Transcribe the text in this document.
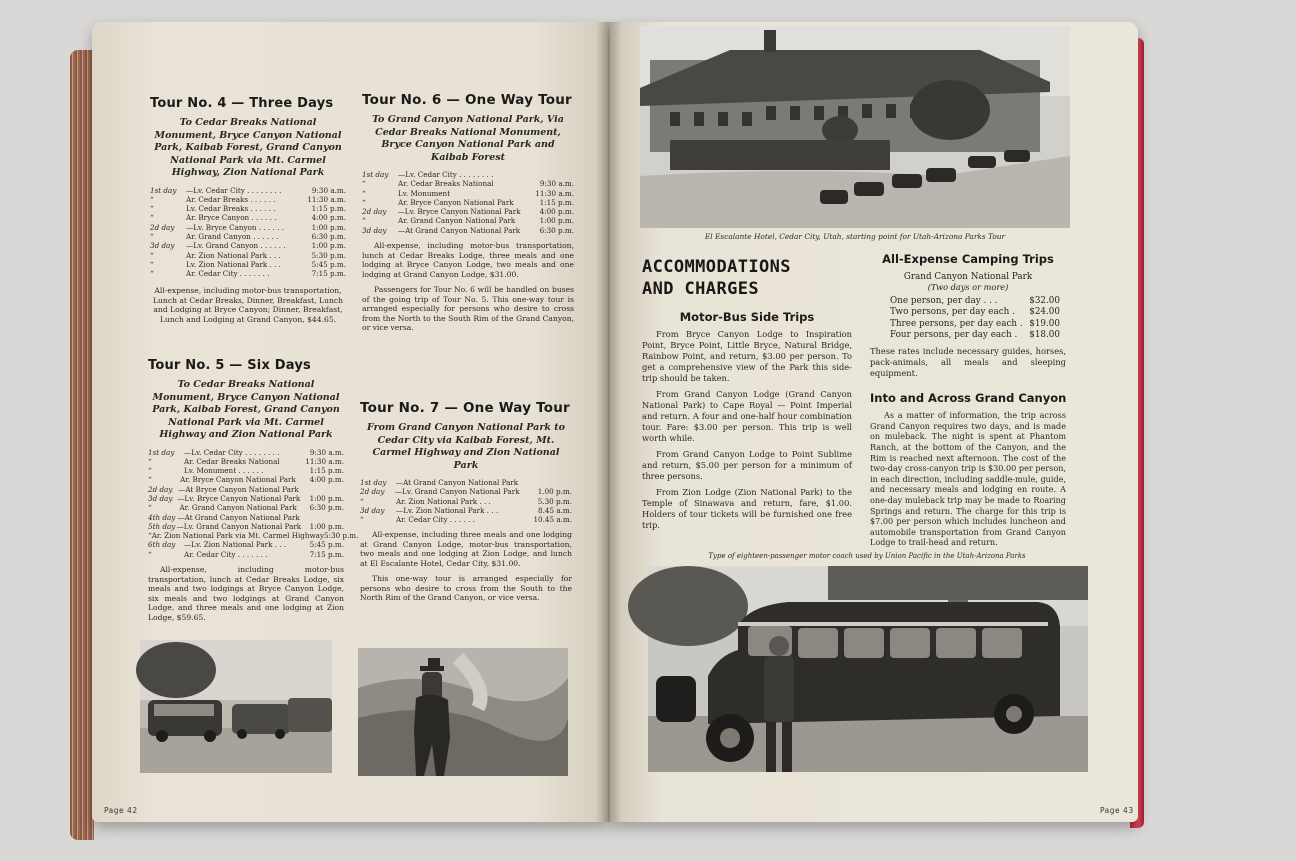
Tour No. 4 — Three Days
To Cedar Breaks National Monument, Bryce Canyon National Park, Kaibab Forest, Grand Canyon National Park via Mt. Carmel Highway, Zion National Park
1st day	—Lv. Cedar City . . . . . . . .	9:30 a.m.
“	Ar. Cedar Breaks . . . . . .	11:30 a.m.
“	Lv. Cedar Breaks . . . . . .	1:15 p.m.
“	Ar. Bryce Canyon . . . . . .	4:00 p.m.
2d day	—Lv. Bryce Canyon . . . . . .	1:00 p.m.
“	Ar. Grand Canyon . . . . . .	6:30 p.m.
3d day	—Lv. Grand Canyon . . . . . .	1:00 p.m.
“	Ar. Zion National Park . . .	5:30 p.m.
“	Lv. Zion National Park . . .	5:45 p.m.
“	Ar. Cedar City . . . . . . .	7:15 p.m.
All-expense, including motor-bus transportation, Lunch at Cedar Breaks, Dinner, Breakfast, Lunch and Lodging at Bryce Canyon; Dinner, Breakfast, Lunch and Lodging at Grand Canyon, $44.65.
Tour No. 6 — One Way Tour
To Grand Canyon National Park, Via Cedar Breaks National Monument, Bryce Canyon National Park and Kaibab Forest
1st day	—Lv. Cedar City . . . . . . . .
“	Ar. Cedar Breaks National	9:30 a.m.
“	Lv. Monument	11:30 a.m.
“	Ar. Bryce Canyon National Park	1:15 p.m.
2d day	—Lv. Bryce Canyon National Park	4:00 p.m.
“	Ar. Grand Canyon National Park	1:00 p.m.
3d day	—At Grand Canyon National Park	6:30 p.m.
All-expense, including motor-bus transportation, lunch at Cedar Breaks Lodge, three meals and one lodging at Bryce Canyon Lodge, two meals and one lodging at Grand Canyon Lodge, $31.00.
Passengers for Tour No. 6 will be handled on buses of the going trip of Tour No. 5. This one-way tour is arranged especially for persons who desire to cross from the North to the South Rim of the Grand Canyon, or vice versa.
Tour No. 5 — Six Days
To Cedar Breaks National Monument, Bryce Canyon National Park, Kaibab Forest, Grand Canyon National Park via Mt. Carmel Highway and Zion National Park
1st day	—Lv. Cedar City . . . . . . . .	9:30 a.m.
“	Ar. Cedar Breaks National	11:30 a.m.
“	Lv. Monument . . . . . .	1:15 p.m.
“	Ar. Bryce Canyon National Park	4:00 p.m.
2d day —At Bryce Canyon National Park
3d day —Lv. Bryce Canyon National Park	1:00 p.m.
“	Ar. Grand Canyon National Park	6:30 p.m.
4th day —At Grand Canyon National Park
5th day —Lv. Grand Canyon National Park	1:00 p.m.
“ Ar. Zion National Park via Mt. Carmel Highway 5:30 p.m.
6th day	—Lv. Zion National Park . . .	5:45 p.m.
“	Ar. Cedar City . . . . . . .	7:15 p.m.
All-expense, including motor-bus transportation, lunch at Cedar Breaks Lodge, six meals and two lodgings at Bryce Canyon Lodge, six meals and two lodgings at Grand Canyon Lodge, and three meals and one lodging at Zion Lodge, $59.65.
Tour No. 7 — One Way Tour
From Grand Canyon National Park to Cedar City via Kaibab Forest, Mt. Carmel Highway and Zion National Park
1st day	—At Grand Canyon National Park
2d day	—Lv. Grand Canyon National Park	1.00 p.m.
“	Ar. Zion National Park . . .	5.30 p.m.
3d day	—Lv. Zion National Park . . .	8.45 a.m.
“	Ar. Cedar City . . . . . .	10.45 a.m.
All-expense, including three meals and one lodging at Grand Canyon Lodge, motor-bus transportation, two meals and one lodging at Zion Lodge, and lunch at El Escalante Hotel, Cedar City, $31.00.
This one-way tour is arranged especially for persons who desire to cross from the South to the North Rim of the Grand Canyon, or vice versa.
Page 42
El Escalante Hotel, Cedar City, Utah, starting point for Utah-Arizona Parks Tour
ACCOMMODATIONS
AND CHARGES
Motor-Bus Side Trips
From Bryce Canyon Lodge to Inspiration Point, Bryce Point, Little Bryce, Natural Bridge, Rainbow Point, and return, $3.00 per person. To get a comprehensive view of the Park this side-trip should be taken.
From Grand Canyon Lodge (Grand Canyon National Park) to Cape Royal — Point Imperial and return. A four and one-half hour combination tour. Fare: $3.00 per person. This trip is well worth while.
From Grand Canyon Lodge to Point Sublime and return, $5.00 per person for a minimum of three persons.
From Zion Lodge (Zion National Park) to the Temple of Sinawava and return, fare, $1.00. Holders of tour tickets will be furnished one free trip.
All-Expense Camping Trips
Grand Canyon National Park
(Two days or more)
One person, per day . . .	$32.00
Two persons, per day each . $24.00
Three persons, per day each . $19.00
Four persons, per day each . $18.00
These rates include necessary guides, horses, pack-animals, all meals and sleeping equipment.
Into and Across Grand Canyon
As a matter of information, the trip across Grand Canyon requires two days, and is made on muleback. The night is spent at Phantom Ranch, at the bottom of the Canyon, and the Rim is reached next afternoon. The cost of the two-day cross-canyon trip is $30.00 per person, in each direction, including saddle-mule, guide, and necessary meals and lodging en route. A one-day muleback trip may be made to Roaring Springs and return. The charge for this trip is $7.00 per person which includes luncheon and automobile transportation from Grand Canyon Lodge to trail-head and return.
Type of eighteen-passenger motor coach used by Union Pacific in the Utah-Arizona Parks
Page 43
